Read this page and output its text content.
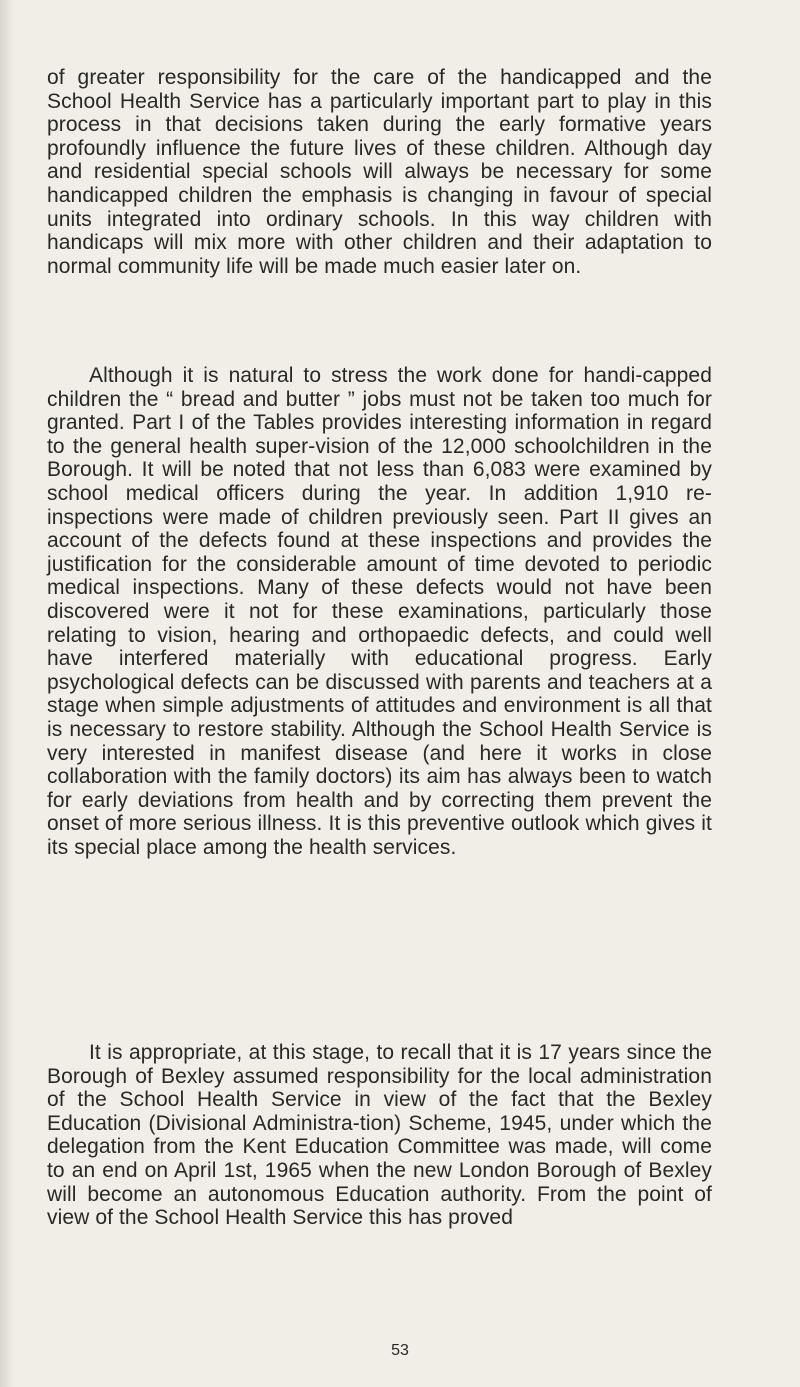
of greater responsibility for the care of the handicapped and the School Health Service has a particularly important part to play in this process in that decisions taken during the early formative years profoundly influence the future lives of these children. Although day and residential special schools will always be necessary for some handicapped children the emphasis is changing in favour of special units integrated into ordinary schools. In this way children with handicaps will mix more with other children and their adaptation to normal community life will be made much easier later on.

Although it is natural to stress the work done for handi-capped children the “ bread and butter ” jobs must not be taken too much for granted. Part I of the Tables provides interesting information in regard to the general health super-vision of the 12,000 schoolchildren in the Borough. It will be noted that not less than 6,083 were examined by school medical officers during the year. In addition 1,910 re-inspections were made of children previously seen. Part II gives an account of the defects found at these inspections and provides the justification for the considerable amount of time devoted to periodic medical inspections. Many of these defects would not have been discovered were it not for these examinations, particularly those relating to vision, hearing and orthopaedic defects, and could well have interfered materially with educational progress. Early psychological defects can be discussed with parents and teachers at a stage when simple adjustments of attitudes and environment is all that is necessary to restore stability. Although the School Health Service is very interested in manifest disease (and here it works in close collaboration with the family doctors) its aim has always been to watch for early deviations from health and by correcting them prevent the onset of more serious illness. It is this preventive outlook which gives it its special place among the health services.

It is appropriate, at this stage, to recall that it is 17 years since the Borough of Bexley assumed responsibility for the local administration of the School Health Service in view of the fact that the Bexley Education (Divisional Administra-tion) Scheme, 1945, under which the delegation from the Kent Education Committee was made, will come to an end on April 1st, 1965 when the new London Borough of Bexley will become an autonomous Education authority. From the point of view of the School Health Service this has proved

53
